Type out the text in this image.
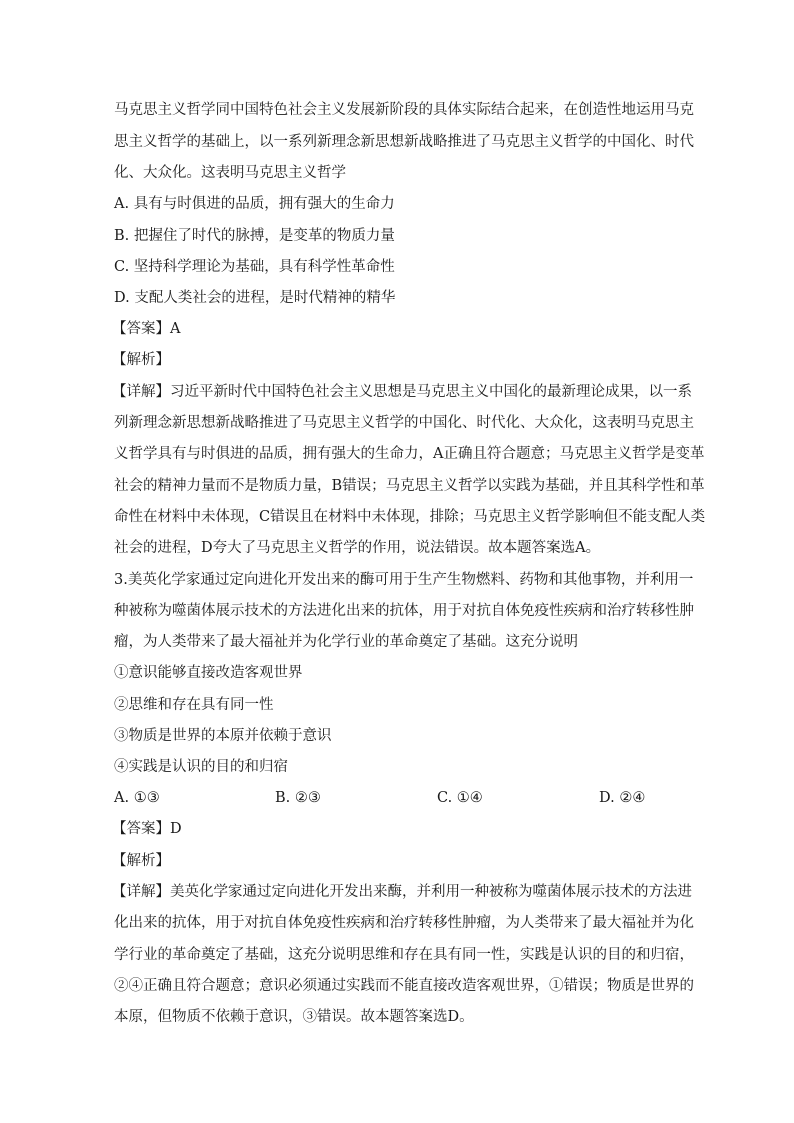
马克思主义哲学同中国特色社会主义发展新阶段的具体实际结合起来，在创造性地运用马克
思主义哲学的基础上，以一系列新理念新思想新战略推进了马克思主义哲学的中国化、时代
化、大众化。这表明马克思主义哲学
A. 具有与时俱进的品质，拥有强大的生命力
B. 把握住了时代的脉搏，是变革的物质力量
C. 坚持科学理论为基础，具有科学性革命性
D. 支配人类社会的进程，是时代精神的精华
【答案】A
【解析】
【详解】习近平新时代中国特色社会主义思想是马克思主义中国化的最新理论成果，以一系
列新理念新思想新战略推进了马克思主义哲学的中国化、时代化、大众化，这表明马克思主
义哲学具有与时俱进的品质，拥有强大的生命力，A正确且符合题意；马克思主义哲学是变革
社会的精神力量而不是物质力量，B错误；马克思主义哲学以实践为基础，并且其科学性和革
命性在材料中未体现，C错误且在材料中未体现，排除；马克思主义哲学影响但不能支配人类
社会的进程，D夸大了马克思主义哲学的作用，说法错误。故本题答案选A。
3.美英化学家通过定向进化开发出来的酶可用于生产生物燃料、药物和其他事物，并利用一
种被称为噬菌体展示技术的方法进化出来的抗体，用于对抗自体免疫性疾病和治疗转移性肿
瘤，为人类带来了最大福祉并为化学行业的革命奠定了基础。这充分说明
①意识能够直接改造客观世界
②思维和存在具有同一性
③物质是世界的本原并依赖于意识
④实践是认识的目的和归宿
A. ①③	B. ②③	C. ①④	D. ②④
【答案】D
【解析】
【详解】美英化学家通过定向进化开发出来酶，并利用一种被称为噬菌体展示技术的方法进
化出来的抗体，用于对抗自体免疫性疾病和治疗转移性肿瘤，为人类带来了最大福祉并为化
学行业的革命奠定了基础，这充分说明思维和存在具有同一性，实践是认识的目的和归宿，
②④正确且符合题意；意识必须通过实践而不能直接改造客观世界，①错误；物质是世界的
本原，但物质不依赖于意识，③错误。故本题答案选D。
